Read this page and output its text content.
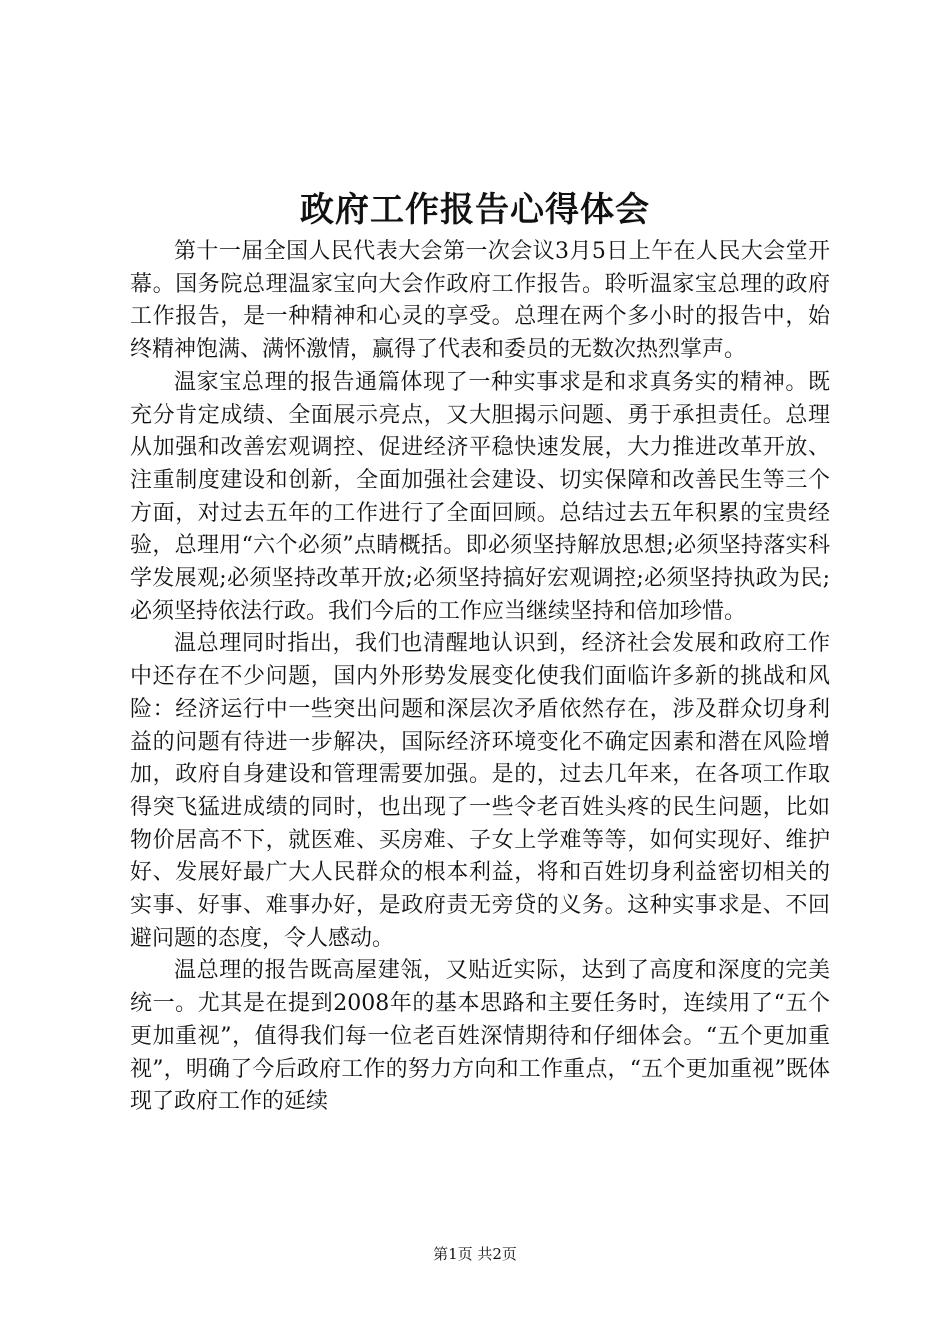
政府工作报告心得体会

第十一届全国人民代表大会第一次会议3月5日上午在人民大会堂开幕。国务院总理温家宝向大会作政府工作报告。聆听温家宝总理的政府工作报告，是一种精神和心灵的享受。总理在两个多小时的报告中，始终精神饱满、满怀激情，赢得了代表和委员的无数次热烈掌声。

温家宝总理的报告通篇体现了一种实事求是和求真务实的精神。既充分肯定成绩、全面展示亮点，又大胆揭示问题、勇于承担责任。总理从加强和改善宏观调控、促进经济平稳快速发展，大力推进改革开放、注重制度建设和创新，全面加强社会建设、切实保障和改善民生等三个方面，对过去五年的工作进行了全面回顾。总结过去五年积累的宝贵经验，总理用“六个必须”点睛概括。即必须坚持解放思想;必须坚持落实科学发展观;必须坚持改革开放;必须坚持搞好宏观调控;必须坚持执政为民;必须坚持依法行政。我们今后的工作应当继续坚持和倍加珍惜。

温总理同时指出，我们也清醒地认识到，经济社会发展和政府工作中还存在不少问题，国内外形势发展变化使我们面临许多新的挑战和风险：经济运行中一些突出问题和深层次矛盾依然存在，涉及群众切身利益的问题有待进一步解决，国际经济环境变化不确定因素和潜在风险增加，政府自身建设和管理需要加强。是的，过去几年来，在各项工作取得突飞猛进成绩的同时，也出现了一些令老百姓头疼的民生问题，比如物价居高不下，就医难、买房难、子女上学难等等，如何实现好、维护好、发展好最广大人民群众的根本利益，将和百姓切身利益密切相关的实事、好事、难事办好，是政府责无旁贷的义务。这种实事求是、不回避问题的态度，令人感动。

温总理的报告既高屋建瓴，又贴近实际，达到了高度和深度的完美统一。尤其是在提到2008年的基本思路和主要任务时，连续用了“五个更加重视”，值得我们每一位老百姓深情期待和仔细体会。“五个更加重视”，明确了今后政府工作的努力方向和工作重点，“五个更加重视”既体现了政府工作的延续

第1页 共2页
